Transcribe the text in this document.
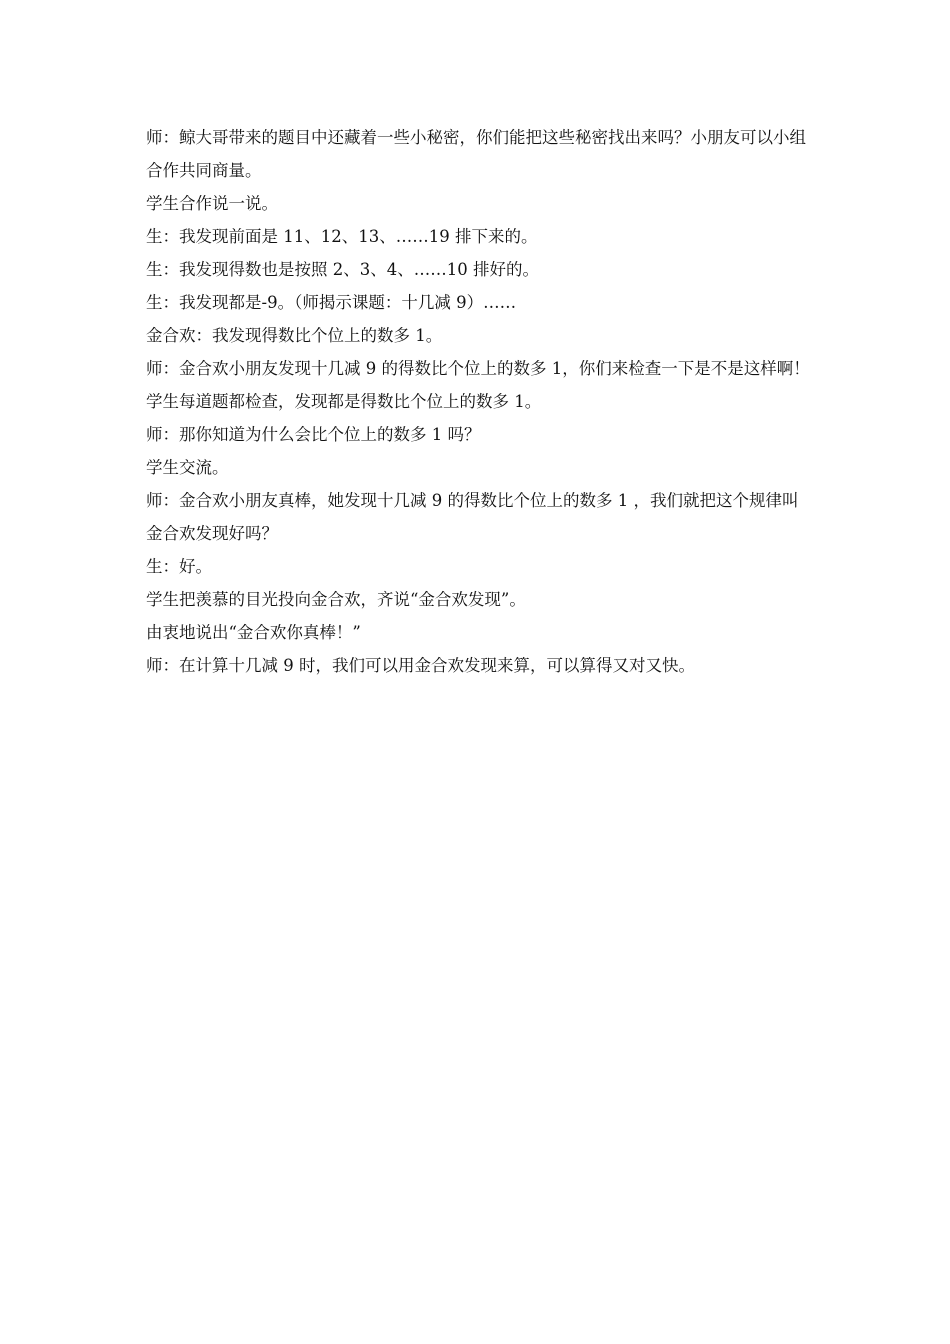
师：鲸大哥带来的题目中还藏着一些小秘密，你们能把这些秘密找出来吗？小朋友可以小组合作共同商量。

学生合作说一说。

生：我发现前面是 11、12、13、……19 排下来的。

生：我发现得数也是按照 2、3、4、……10 排好的。

生：我发现都是-9。（师揭示课题：十几减 9）……

金合欢：我发现得数比个位上的数多 1。

师：金合欢小朋友发现十几减 9 的得数比个位上的数多 1，你们来检查一下是不是这样啊！

学生每道题都检查，发现都是得数比个位上的数多 1。

师：那你知道为什么会比个位上的数多 1 吗？

学生交流。

师：金合欢小朋友真棒，她发现十几减 9 的得数比个位上的数多 1 ，我们就把这个规律叫金合欢发现好吗？

生：好。

学生把羡慕的目光投向金合欢，齐说“金合欢发现”。

由衷地说出“金合欢你真棒！”

师：在计算十几减 9 时，我们可以用金合欢发现来算，可以算得又对又快。
